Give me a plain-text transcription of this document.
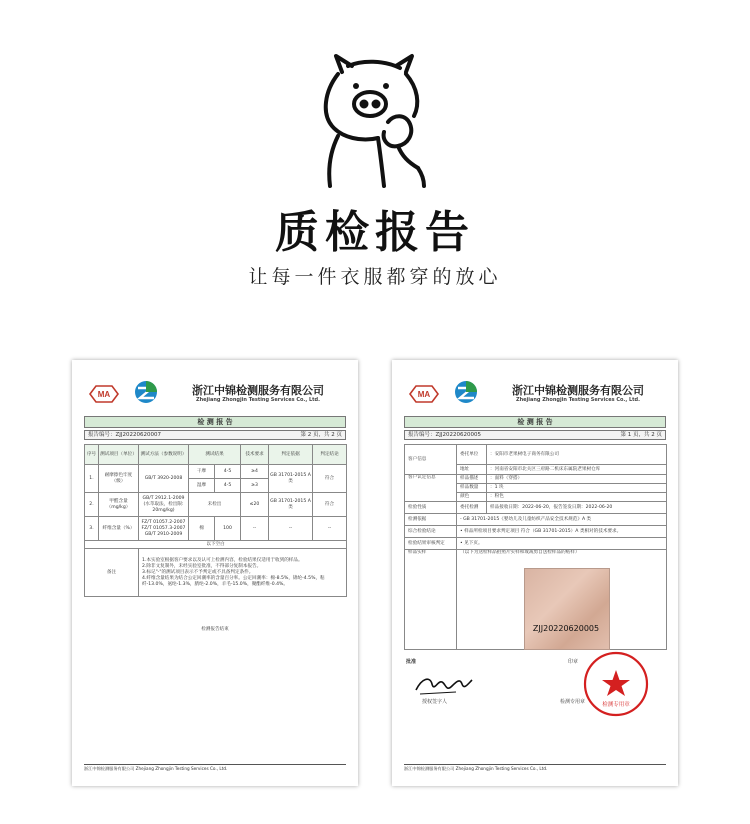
质检报告
让每一件衣服都穿的放心
MA	浙江中锦检测服务有限公司
Zhejiang Zhongjin Testing Services Co., Ltd.
检 测 报 告
报告编号：ZJJ20220620007	第 2 页，共 2 页
序号	测试项目（单位）	测试方法（参数说明）	测试结果		技术要求	判定依据	判定结论
1.	耐摩擦色牢度（级）	GB/T 3920-2008	干摩	4-5	≥4	GB 31701-2015 A类	符合
			湿摩	4-5	≥3		
2.	甲醛含量（mg/kg）	GB/T 2912.1-2009 (水萃取法，检出限: 20mg/kg)	未检出		≤20	GB 31701-2015 A类	符合
3.	纤维含量（%）	FZ/T 01057.2-2007 FZ/T 01057.3-2007 GB/T 2910-2009	棉	100	--	--	--
以下空白							
备注		1.本实验室根据客户要求以及认可上检测内容，检验结果仅适用于收到的样品。
2.除非文复制外，未经实验室批准，不得部分复制本报告。
3.标记"-"的测试项目表示不予判定或不具备判定条件。
4.纤维含量结果为结合公定回潮率的含量百分率。公定回潮率：棉-8.5%，锦纶-4.5%，粘纤-13.0%，氨纶-1.3%，腈纶-2.0%，羊毛-15.0%，聚酯纤维-0.4%。					
检测报告结束
浙江中锦检测服务有限公司 Zhejiang Zhongjin Testing Services Co., Ltd.
MA	浙江中锦检测服务有限公司
Zhejiang Zhongjin Testing Services Co., Ltd.
检 测 报 告
报告编号：ZJJ20220620005	第 1 页，共 2 页
客户信息	委托单位	：安阳市老果树电子商务有限公司
	地址	：河南省安阳市北关区三府路二机床东属院老果树仓库
客户认定信息	样品描述	：面料（穿搭）
	样品数量	：1 块
	颜色	：粉色
检验性质	委托检测	样品接收日期：2022-06-20，报告签发日期：2022-06-20
检测依据	- GB 31701-2015《婴幼儿及儿童纺织产品安全技术规范》A 类	
综合检验结论	• 样品所检项目要求判定项目 符合（GB 31701-2015）A 类相对的技术要求。	
检验结果审核判定	• 见下页。	
样品实样	（以下为送检样品拍照片实样和或裁剪自送检样品的贴样）	
ZJJ20220620005
批准
授权签字人
印章
检测专用章
检测专用章
浙江中锦检测服务有限公司 Zhejiang Zhongjin Testing Services Co., Ltd.
